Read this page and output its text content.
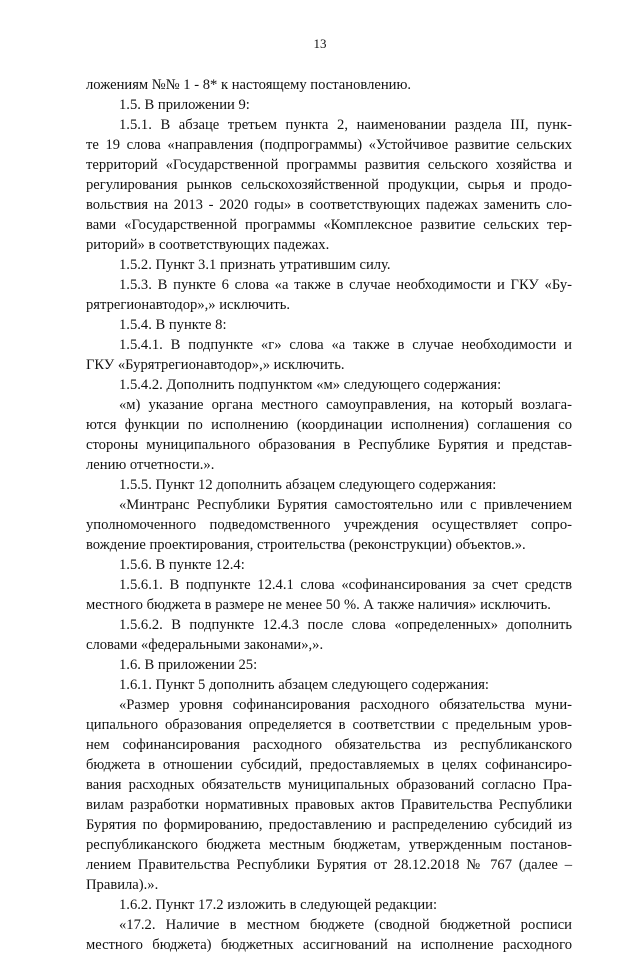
13

ложениям №№ 1 - 8* к настоящему постановлению.

1.5. В приложении 9:

1.5.1. В абзаце третьем пункта 2, наименовании раздела III, пунк-

те 19 слова «направления (подпрограммы) «Устойчивое развитие сельских

территорий «Государственной программы развития сельского хозяйства и

регулирования рынков сельскохозяйственной продукции, сырья и продо-

вольствия на 2013 - 2020 годы» в соответствующих падежах заменить сло-

вами «Государственной программы «Комплексное развитие сельских тер-

риторий» в соответствующих падежах.

1.5.2. Пункт 3.1 признать утратившим силу.

1.5.3. В пункте 6 слова «а также в случае необходимости и ГКУ «Бу-

рятрегионавтодор»,» исключить.

1.5.4. В пункте 8:

1.5.4.1. В подпункте «г» слова «а также в случае необходимости и

ГКУ «Бурятрегионавтодор»,» исключить.

1.5.4.2. Дополнить подпунктом «м» следующего содержания:

«м) указание органа местного самоуправления, на который возлага-

ются функции по исполнению (координации исполнения) соглашения со

стороны муниципального образования в Республике Бурятия и представ-

лению отчетности.».

1.5.5. Пункт 12 дополнить абзацем следующего содержания:

«Минтранс Республики Бурятия самостоятельно или с привлечением

уполномоченного подведомственного учреждения осуществляет сопро-

вождение проектирования, строительства (реконструкции) объектов.».

1.5.6. В пункте 12.4:

1.5.6.1. В подпункте 12.4.1 слова «софинансирования за счет средств

местного бюджета в размере не менее 50 %. А также наличия» исключить.

1.5.6.2. В подпункте 12.4.3 после слова «определенных» дополнить

словами «федеральными законами»,».

1.6. В приложении 25:

1.6.1. Пункт 5 дополнить абзацем следующего содержания:

«Размер уровня софинансирования расходного обязательства муни-

ципального образования определяется в соответствии с предельным уров-

нем софинансирования расходного обязательства из республиканского

бюджета в отношении субсидий, предоставляемых в целях софинансиро-

вания расходных обязательств муниципальных образований согласно Пра-

вилам разработки нормативных правовых актов Правительства Республики

Бурятия по формированию, предоставлению и распределению субсидий из

республиканского бюджета местным бюджетам, утвержденным постанов-

лением Правительства Республики Бурятия от 28.12.2018 № 767 (далее –

Правила).».

1.6.2. Пункт 17.2 изложить в следующей редакции:

«17.2. Наличие в местном бюджете (сводной бюджетной росписи

местного бюджета) бюджетных ассигнований на исполнение расходного
